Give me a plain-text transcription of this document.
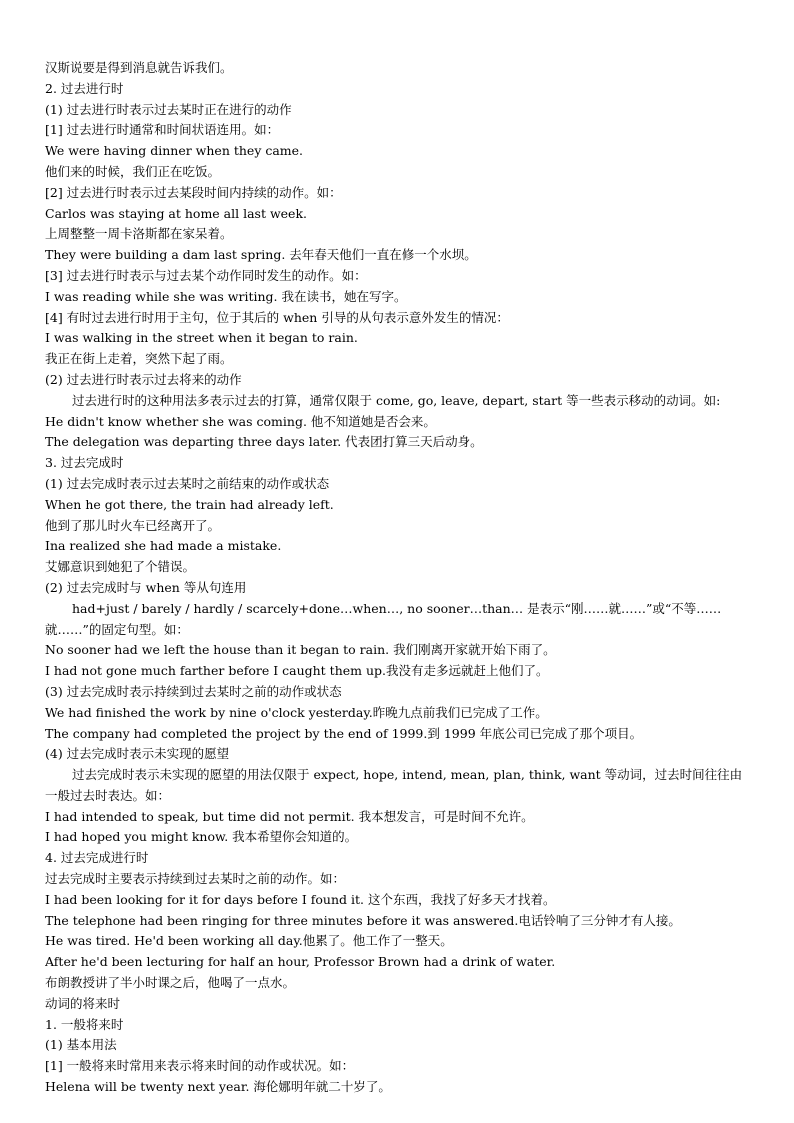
汉斯说要是得到消息就告诉我们。
2. 过去进行时
(1) 过去进行时表示过去某时正在进行的动作
[1] 过去进行时通常和时间状语连用。如：
We were having dinner when they came.
他们来的时候，我们正在吃饭。
[2] 过去进行时表示过去某段时间内持续的动作。如：
Carlos was staying at home all last week.
上周整整一周卡洛斯都在家呆着。
They were building a dam last spring. 去年春天他们一直在修一个水坝。
[3] 过去进行时表示与过去某个动作同时发生的动作。如：
I was reading while she was writing. 我在读书，她在写字。
[4] 有时过去进行时用于主句，位于其后的 when 引导的从句表示意外发生的情况：
I was walking in the street when it began to rain.
我正在街上走着，突然下起了雨。
(2) 过去进行时表示过去将来的动作
过去进行时的这种用法多表示过去的打算，通常仅限于 come, go, leave, depart, start 等一些表示移动的动词。如:
He didn't know whether she was coming. 他不知道她是否会来。
The delegation was departing three days later. 代表团打算三天后动身。
3. 过去完成时
(1) 过去完成时表示过去某时之前结束的动作或状态
When he got there, the train had already left.
他到了那儿时火车已经离开了。
Ina realized she had made a mistake.
艾娜意识到她犯了个错误。
(2) 过去完成时与 when 等从句连用
had+just / barely / hardly / scarcely+done…when…, no sooner…than… 是表示“刚……就……”或“不等……
就……”的固定句型。如：
No sooner had we left the house than it began to rain. 我们刚离开家就开始下雨了。
I had not gone much farther before I caught them up.我没有走多远就赶上他们了。
(3) 过去完成时表示持续到过去某时之前的动作或状态
We had finished the work by nine o'clock yesterday.昨晚九点前我们已完成了工作。
The company had completed the project by the end of 1999.到 1999 年底公司已完成了那个项目。
(4) 过去完成时表示未实现的愿望
过去完成时表示未实现的愿望的用法仅限于 expect, hope, intend, mean, plan, think, want 等动词，过去时间往往由
一般过去时表达。如：
I had intended to speak, but time did not permit. 我本想发言，可是时间不允许。
I had hoped you might know. 我本希望你会知道的。
4. 过去完成进行时
过去完成时主要表示持续到过去某时之前的动作。如：
I had been looking for it for days before I found it. 这个东西，我找了好多天才找着。
The telephone had been ringing for three minutes before it was answered.电话铃响了三分钟才有人接。
He was tired. He'd been working all day.他累了。他工作了一整天。
After he'd been lecturing for half an hour, Professor Brown had a drink of water.
布朗教授讲了半小时课之后，他喝了一点水。
动词的将来时
1. 一般将来时
(1) 基本用法
[1] 一般将来时常用来表示将来时间的动作或状况。如：
Helena will be twenty next year. 海伦娜明年就二十岁了。
